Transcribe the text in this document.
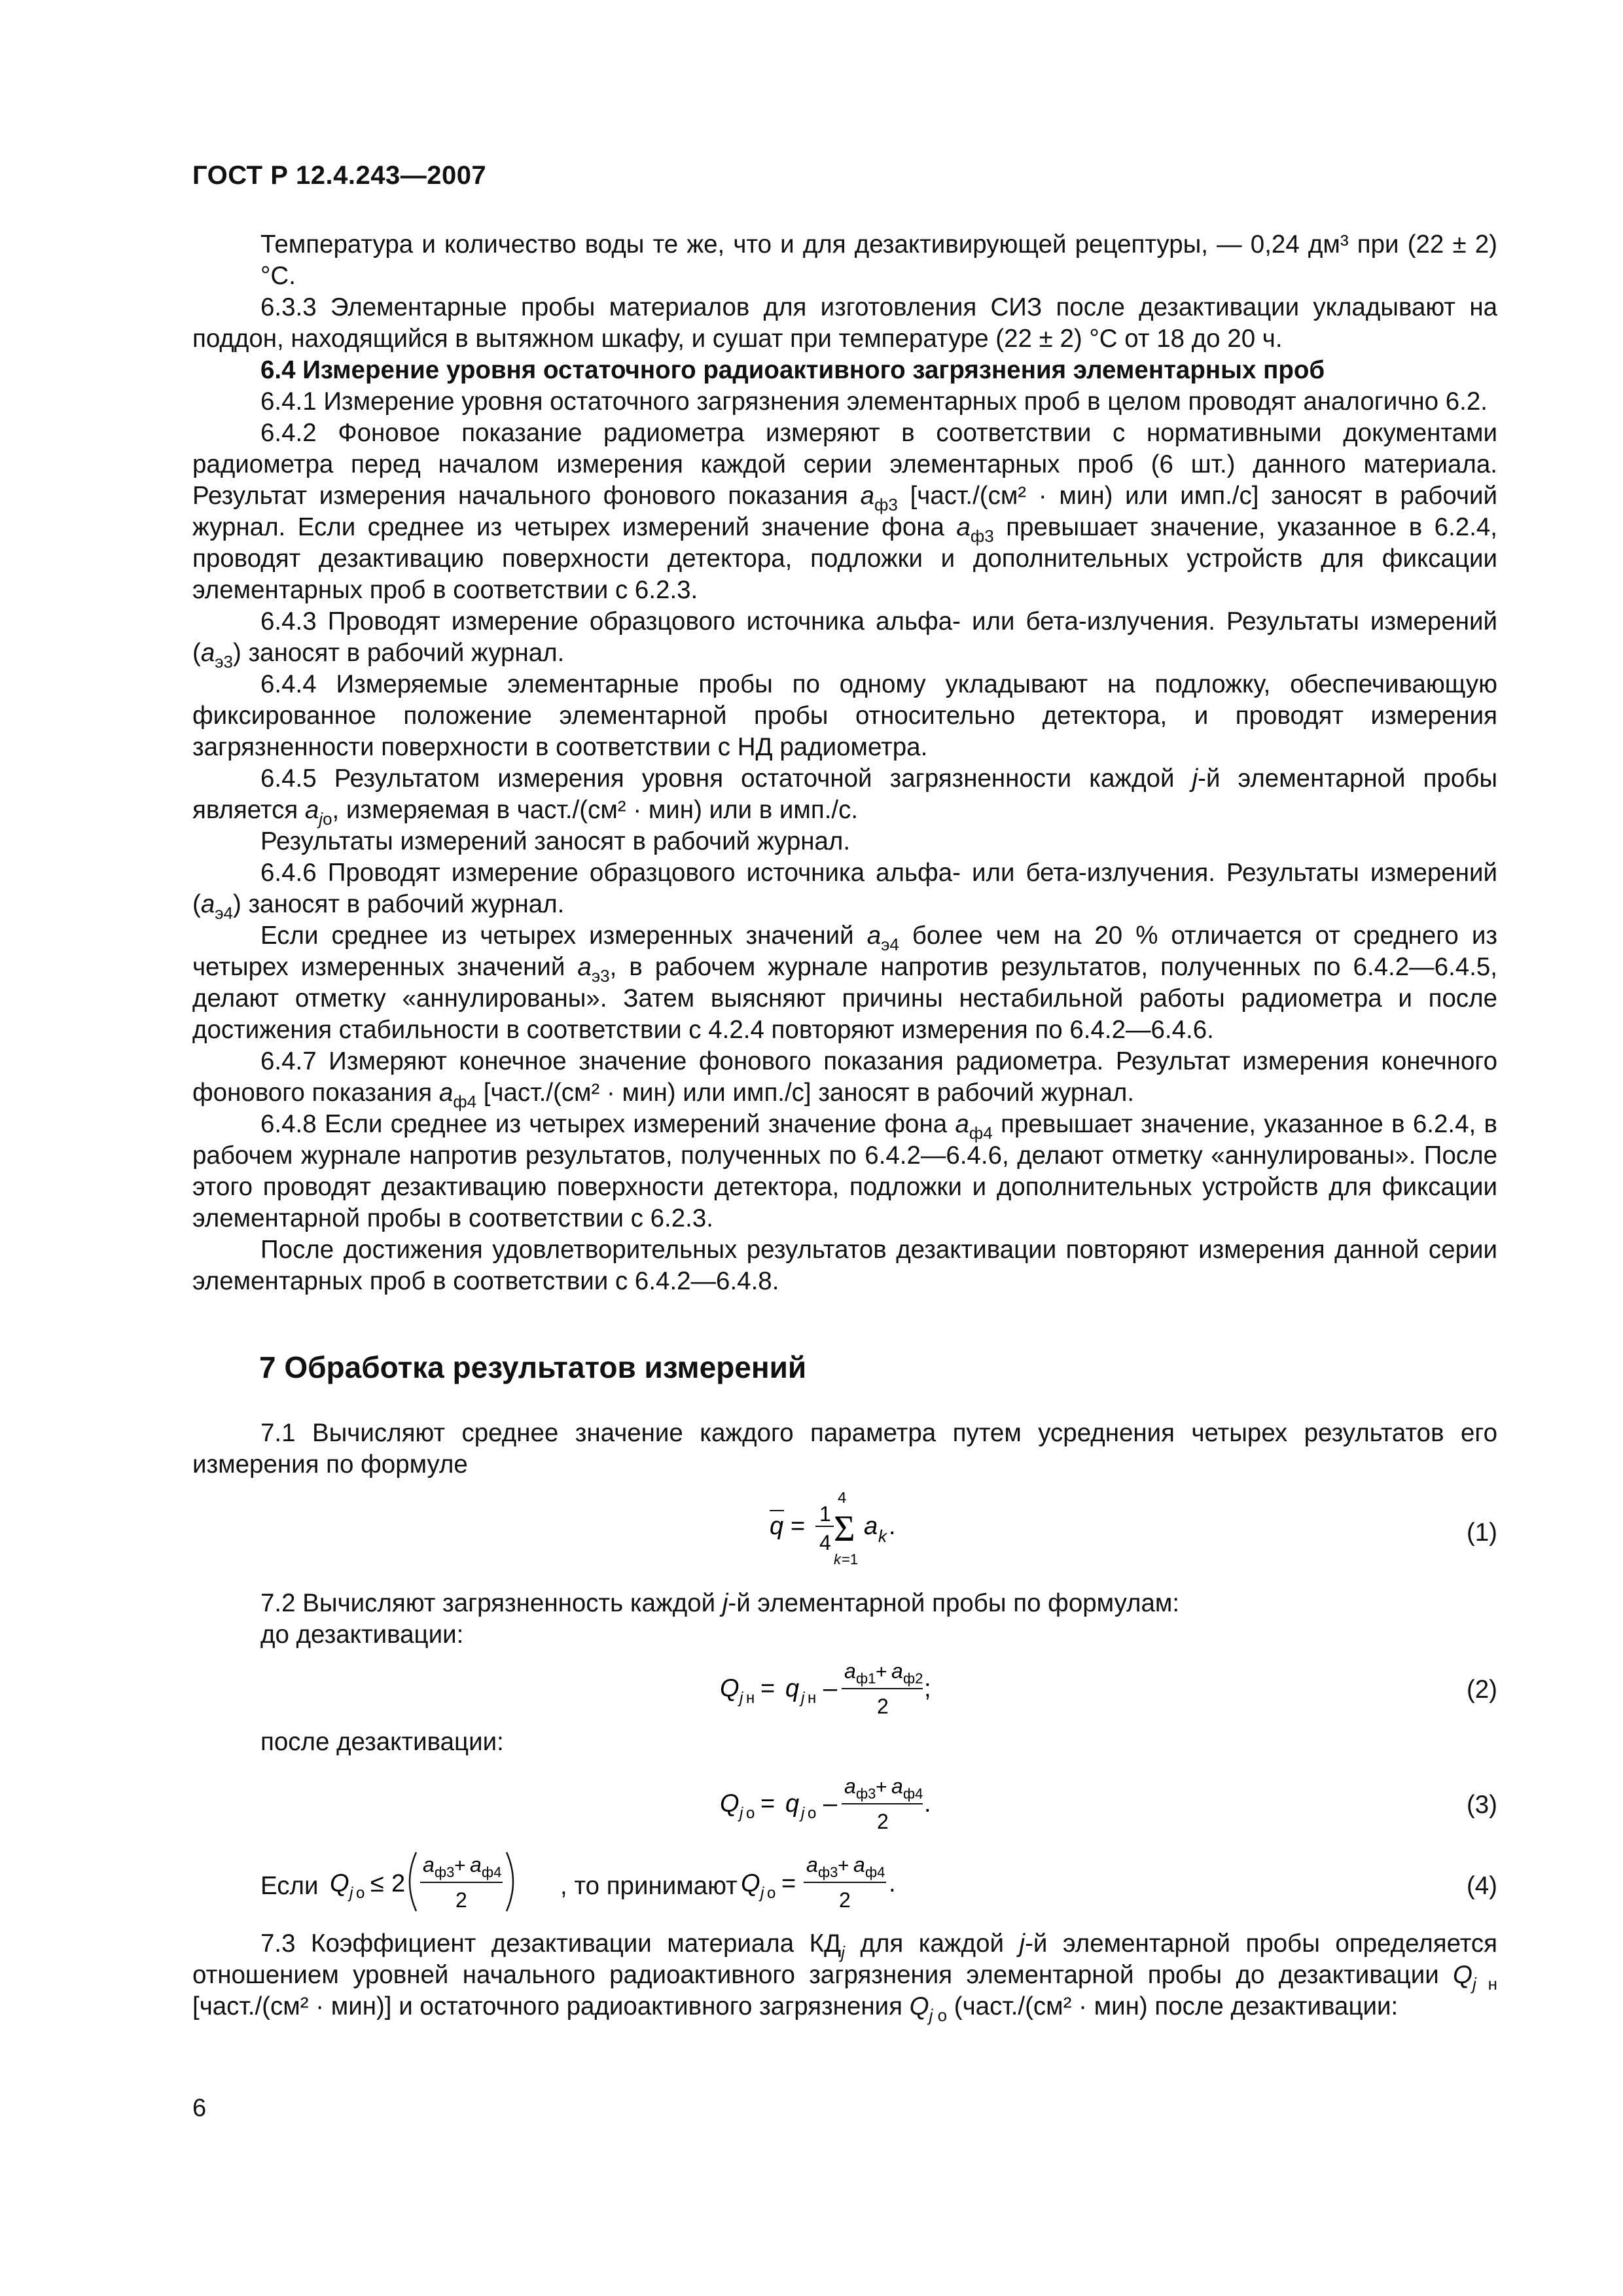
ГОСТ Р 12.4.243—2007

Температура и количество воды те же, что и для дезактивирующей рецептуры, — 0,24 дм³ при (22 ± 2) °С.

6.3.3 Элементарные пробы материалов для изготовления СИЗ после дезактивации укладывают на поддон, находящийся в вытяжном шкафу, и сушат при температуре (22 ± 2) °С от 18 до 20 ч.

6.4 Измерение уровня остаточного радиоактивного загрязнения элементарных проб

6.4.1 Измерение уровня остаточного загрязнения элементарных проб в целом проводят аналогично 6.2.

6.4.2 Фоновое показание радиометра измеряют в соответствии с нормативными документами радиометра перед началом измерения каждой серии элементарных проб (6 шт.) данного материала. Результат измерения начального фонового показания $a_{ф3}$ [част./(см² · мин) или имп./с] заносят в рабочий журнал. Если среднее из четырех измерений значение фона $a_{ф3}$ превышает значение, указанное в 6.2.4, проводят дезактивацию поверхности детектора, подложки и дополнительных устройств для фиксации элементарных проб в соответствии с 6.2.3.

6.4.3 Проводят измерение образцового источника альфа- или бета-излучения. Результаты измерений $(a_{э3})$ заносят в рабочий журнал.

6.4.4 Измеряемые элементарные пробы по одному укладывают на подложку, обеспечивающую фиксированное положение элементарной пробы относительно детектора, и проводят измерения загрязненности поверхности в соответствии с НД радиометра.

6.4.5 Результатом измерения уровня остаточной загрязненности каждой j-й элементарной пробы является $a_{jo}$, измеряемая в част./(см² · мин) или в имп./с.

Результаты измерений заносят в рабочий журнал.

6.4.6 Проводят измерение образцового источника альфа- или бета-излучения. Результаты измерений $(a_{э4})$ заносят в рабочий журнал.

Если среднее из четырех измеренных значений $a_{э4}$ более чем на 20 % отличается от среднего из четырех измеренных значений $a_{э3}$, в рабочем журнале напротив результатов, полученных по 6.4.2—6.4.5, делают отметку «аннулированы». Затем выясняют причины нестабильной работы радиометра и после достижения стабильности в соответствии с 4.2.4 повторяют измерения по 6.4.2—6.4.6.

6.4.7 Измеряют конечное значение фонового показания радиометра. Результат измерения конечного фонового показания $a_{ф4}$ [част./(см² · мин) или имп./с] заносят в рабочий журнал.

6.4.8 Если среднее из четырех измерений значение фона $a_{ф4}$ превышает значение, указанное в 6.2.4, в рабочем журнале напротив результатов, полученных по 6.4.2—6.4.6, делают отметку «аннулированы». После этого проводят дезактивацию поверхности детектора, подложки и дополнительных устройств для фиксации элементарной пробы в соответствии с 6.2.3.

После достижения удовлетворительных результатов дезактивации повторяют измерения данной серии элементарных проб в соответствии с 6.4.2—6.4.8.

7 Обработка результатов измерений

7.1 Вычисляют среднее значение каждого параметра путем усреднения четырех результатов его измерения по формуле

q = 1
4
4
Σ
k =1
a k .	(1)

7.2 Вычисляют загрязненность каждой j-й элементарной пробы по формулам:

до дезактивации:

Q j н = q j н –
a ф1 + a ф2
2
;	(2)

после дезактивации:

Q j о = q j о –
a ф3 + a ф4
2
.	(3)
Если Q j о ≤ 2
a ф3 + a ф4
2	, то принимают Q j о =
a ф3 + a ф4
2
.	(4)

7.3 Коэффициент дезактивации материала $КД_j$ для каждой j-й элементарной пробы определяется отношением уровней начального радиоактивного загрязнения элементарной пробы до дезактивации $Q_{j н}$ [част./(см² · мин)] и остаточного радиоактивного загрязнения $Q_{j о}$ (част./(см² · мин) после дезактивации:

6
